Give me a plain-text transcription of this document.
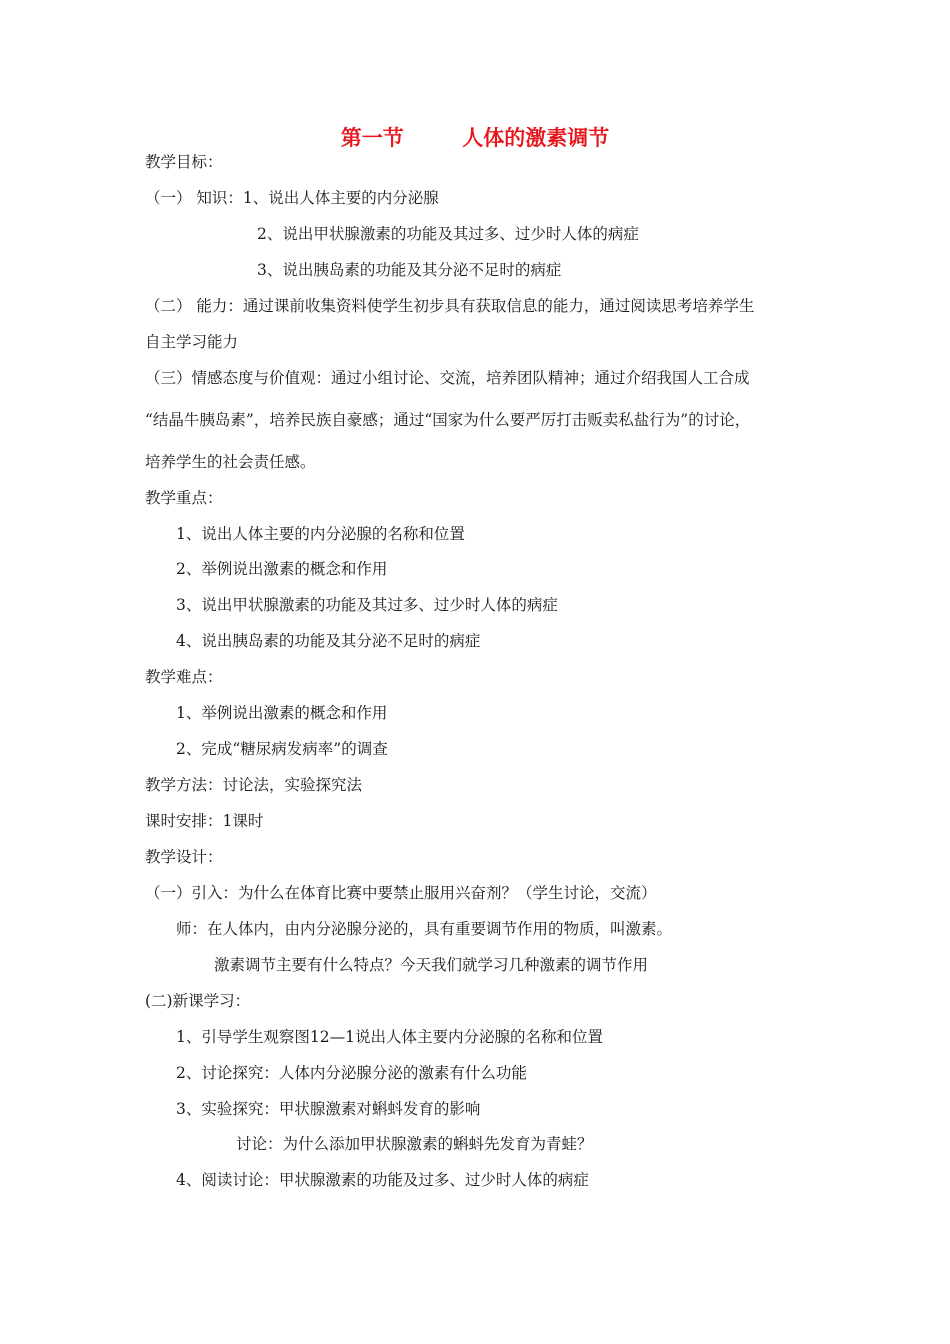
第一节        人体的激素调节
教学目标：
（一） 知识：1、说出人体主要的内分泌腺
2、说出甲状腺激素的功能及其过多、过少时人体的病症
3、说出胰岛素的功能及其分泌不足时的病症
（二） 能力：通过课前收集资料使学生初步具有获取信息的能力，通过阅读思考培养学生
自主学习能力
（三）情感态度与价值观：通过小组讨论、交流，培养团队精神；通过介绍我国人工合成
“结晶牛胰岛素”，培养民族自豪感；通过“国家为什么要严厉打击贩卖私盐行为”的讨论，
培养学生的社会责任感。
教学重点：
1、说出人体主要的内分泌腺的名称和位置
2、举例说出激素的概念和作用
3、说出甲状腺激素的功能及其过多、过少时人体的病症
4、说出胰岛素的功能及其分泌不足时的病症
教学难点：
1、举例说出激素的概念和作用
2、完成“糖尿病发病率”的调查
教学方法：讨论法，实验探究法
课时安排：1课时
教学设计：
（一）引入：为什么在体育比赛中要禁止服用兴奋剂？（学生讨论，交流）
师：在人体内，由内分泌腺分泌的，具有重要调节作用的物质，叫激素。
激素调节主要有什么特点？今天我们就学习几种激素的调节作用
(二)新课学习：
1、引导学生观察图12—1说出人体主要内分泌腺的名称和位置
2、讨论探究：人体内分泌腺分泌的激素有什么功能
3、实验探究：甲状腺激素对蝌蚪发育的影响
讨论：为什么添加甲状腺激素的蝌蚪先发育为青蛙？
4、阅读讨论：甲状腺激素的功能及过多、过少时人体的病症
